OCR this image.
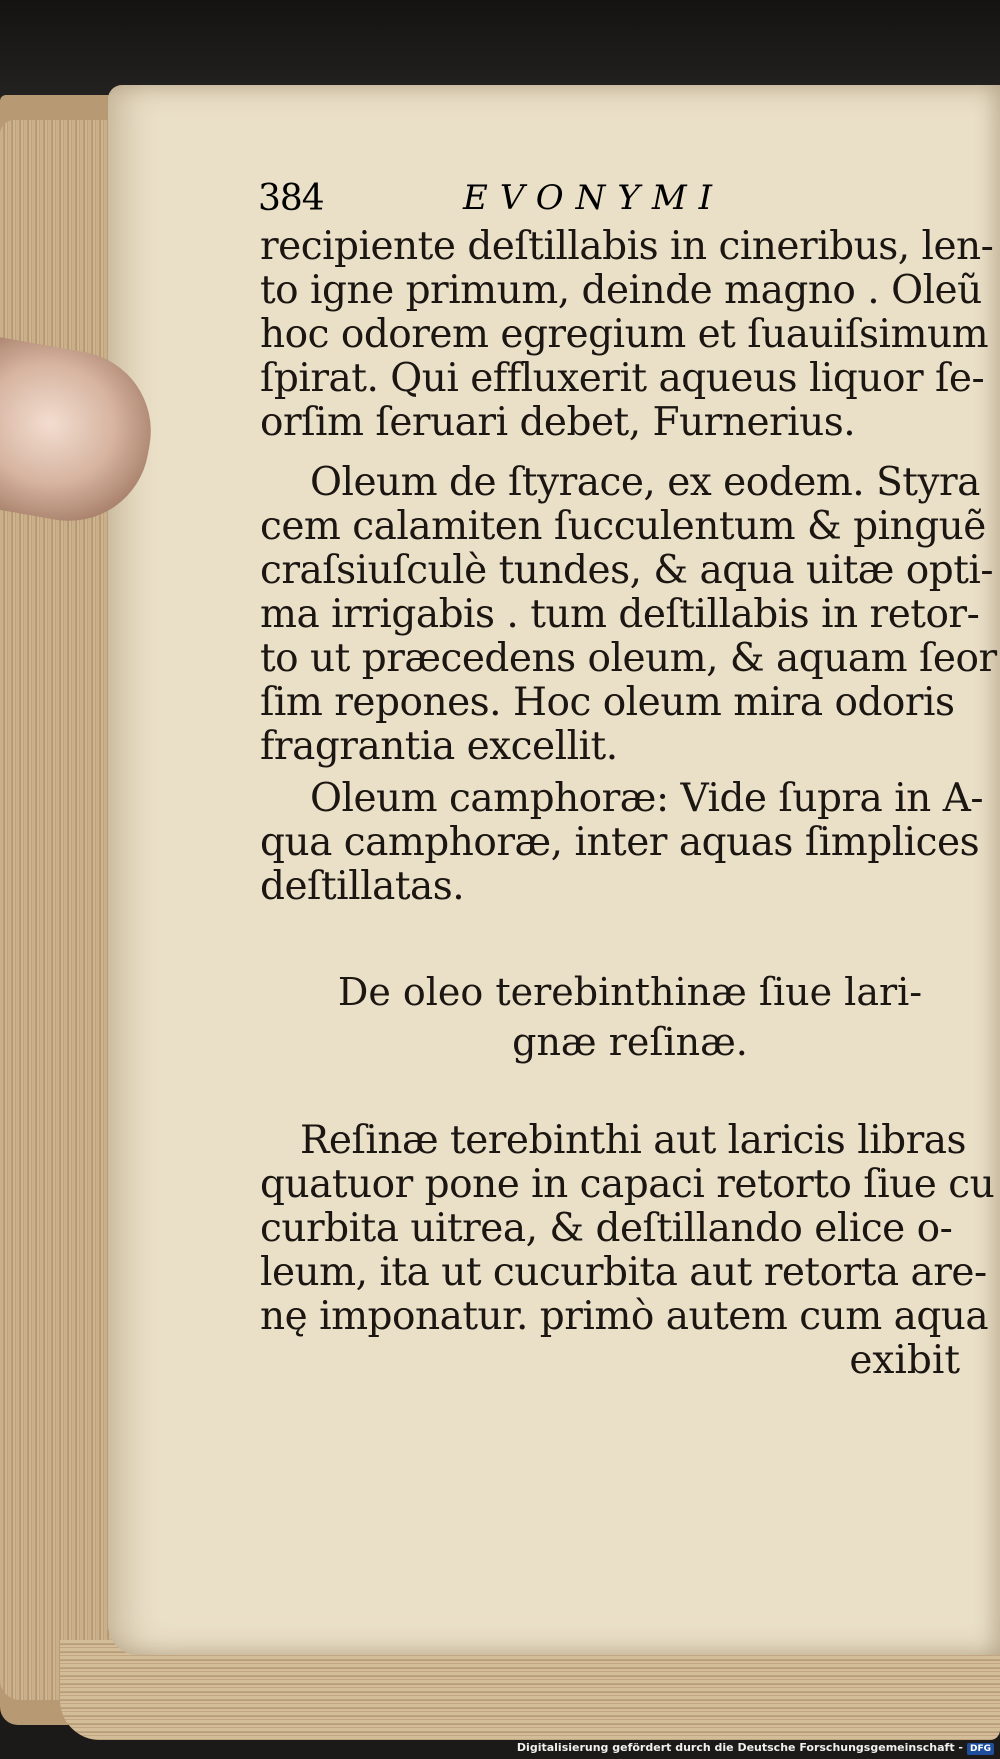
384	EVONYMI
recipiente deſtillabis in cineribus, len-
to igne primum, deinde magno . Oleũ
hoc odorem egregium et ſuauiſsimum
ſpirat. Qui effluxerit aqueus liquor ſe-
orſim ſeruari debet, Furnerius.
Oleum de ſtyrace, ex eodem. Styra
cem calamiten ſucculentum & pinguẽ
craſsiuſculè tundes, & aqua uitæ opti-
ma irrigabis . tum deſtillabis in retor-
to ut præcedens oleum, & aquam ſeor
ſim repones. Hoc oleum mira odoris
fragrantia excellit.
Oleum camphoræ: Vide ſupra in A-
qua camphoræ, inter aquas ſimplices
deſtillatas.
De oleo terebinthinæ ſiue lari-
gnæ reſinæ.
Reſinæ terebinthi aut laricis libras
quatuor pone in capaci retorto ſiue cu
curbita uitrea, & deſtillando elice o-
leum, ita ut cucurbita aut retorta are-
nę imponatur. primò autem cum aqua
exibit
Digitalisierung gefördert durch die Deutsche Forschungsgemeinschaft - DFG
